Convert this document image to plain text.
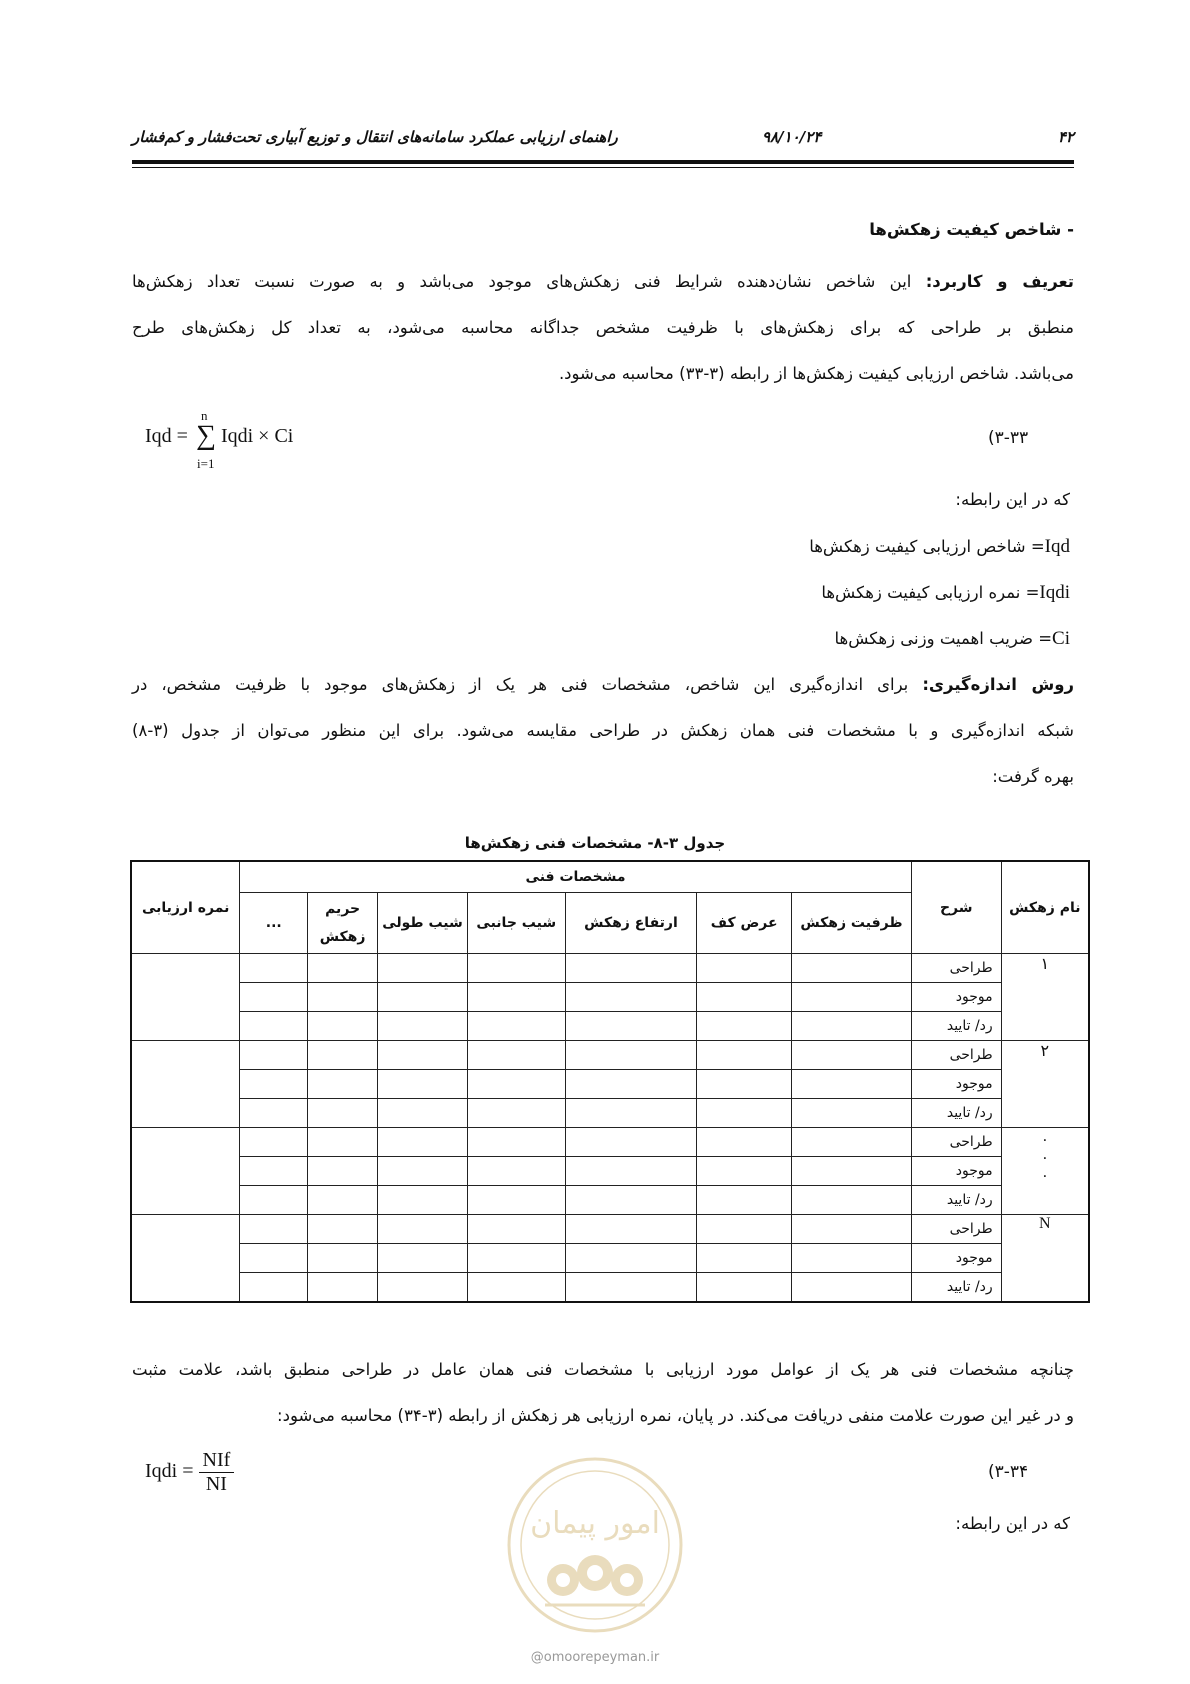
۴۲
۹۸/۱۰/۲۴
راهنمای ارزیابی عملکرد سامانه‌های انتقال و توزیع آبیاری تحت‌فشار و کم‌فشار
- شاخص کیفیت زهکش‌ها
تعریف و کاربرد: این شاخص نشان‌دهنده شرایط فنی زهکش‌های موجود می‌باشد و به صورت نسبت تعداد زهکش‌ها
منطبق بر طراحی که برای زهکش‌های با ظرفیت مشخص جداگانه محاسبه می‌شود، به تعداد کل زهکش‌های طرح
می‌باشد. شاخص ارزیابی کیفیت زهکش‌ها از رابطه (۳-۳۳) محاسبه می‌شود.
Iqd = Iqdi × Ci
n
∑
i=1
(۳-۳۳
که در این رابطه:
Iqd= شاخص ارزیابی کیفیت زهکش‌ها
Iqdi= نمره ارزیابی کیفیت زهکش‌ها
Ci= ضریب اهمیت وزنی زهکش‌ها
روش اندازه‌گیری: برای اندازه‌گیری این شاخص، مشخصات فنی هر یک از زهکش‌های موجود با ظرفیت مشخص، در
شبکه اندازه‌گیری و با مشخصات فنی همان زهکش در طراحی مقایسه می‌شود. برای این منظور می‌توان از جدول (۳-۸)
بهره گرفت:
جدول ۳-۸- مشخصات فنی زهکش‌ها
نام زهکش	شرح	مشخصات فنی							نمره ارزیابی
		ظرفیت زهکش	عرض کف	ارتفاع زهکش	شیب جانبی	شیب طولی	حریم زهکش	...	
۱	طراحی								
	موجود								
	رد/ تایید								
۲	طراحی								
	موجود								
	رد/ تایید								
.
.
.	طراحی								
	موجود								
	رد/ تایید								
N	طراحی								
	موجود								
	رد/ تایید								
چنانچه مشخصات فنی هر یک از عوامل مورد ارزیابی با مشخصات فنی همان عامل در طراحی منطبق باشد، علامت مثبت
و در غیر این صورت علامت منفی دریافت می‌کند. در پایان، نمره ارزیابی هر زهکش از رابطه (۳-۳۴) محاسبه می‌شود:
Iqdi = $\frac{\text{NIf}}{NI}$	(۳-۳۴
که در این رابطه:
امور پیمان
@omoorepeyman.ir
